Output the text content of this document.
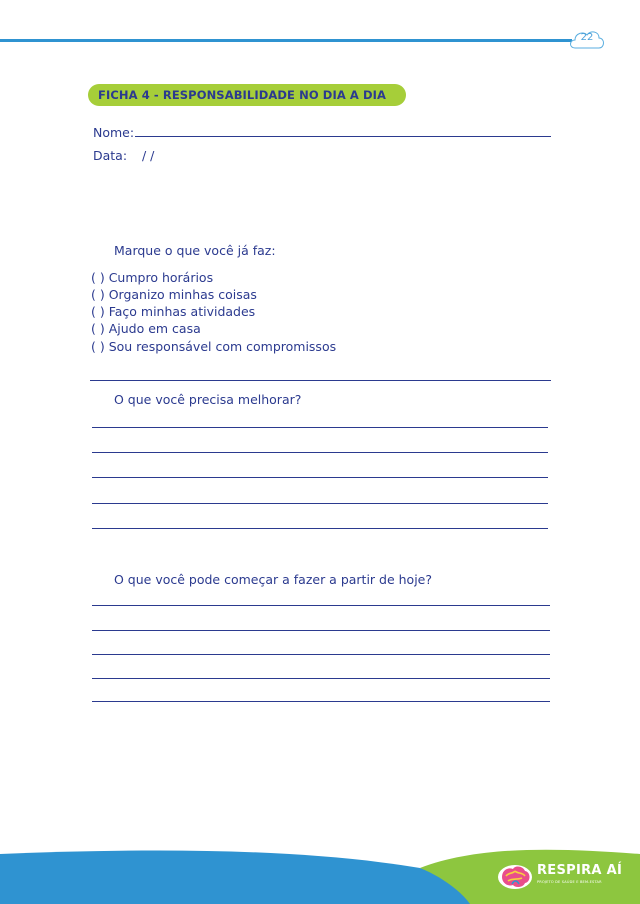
22
FICHA 4 - RESPONSABILIDADE NO DIA A DIA
Nome:
Data: / /
Marque o que você já faz:
( ) Cumpro horários
( ) Organizo minhas coisas
( ) Faço minhas atividades
( ) Ajudo em casa
( ) Sou responsável com compromissos
O que você precisa melhorar?
O que você pode começar a fazer a partir de hoje?
RESPIRA AÍ
PROJETO DE SAÚDE E BEM-ESTAR
